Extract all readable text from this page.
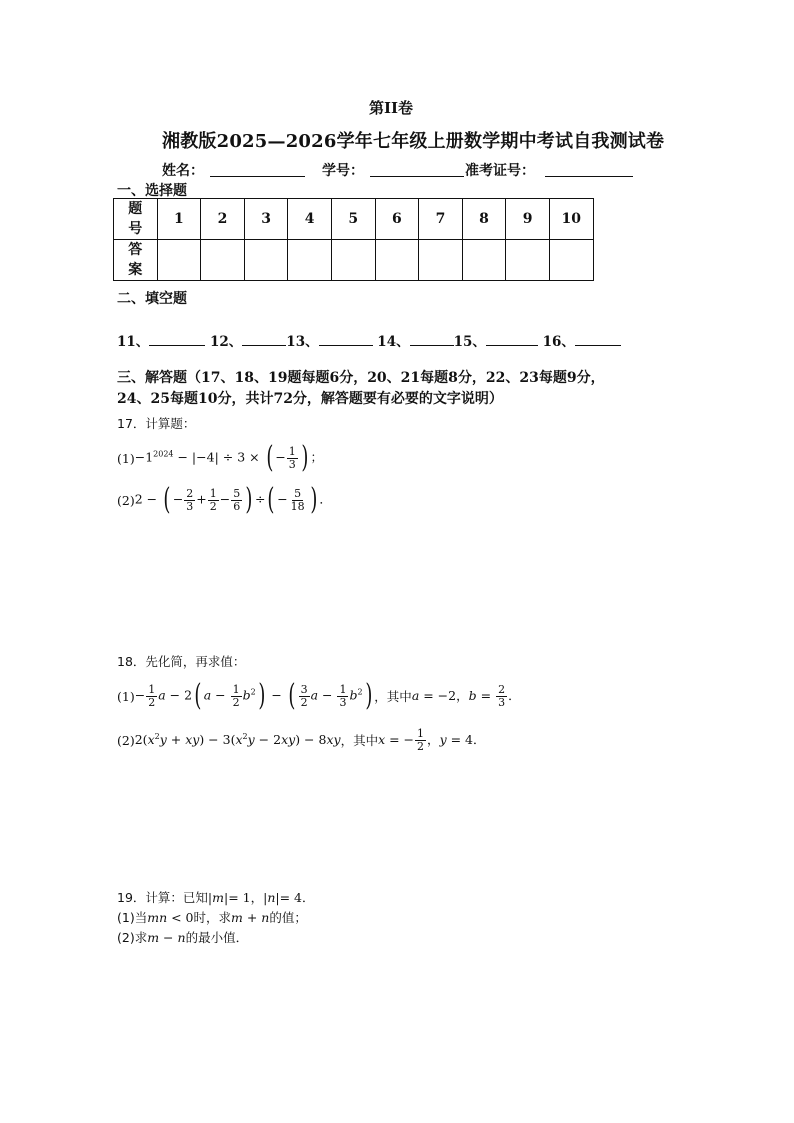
第II卷
湘教版2025—2026学年七年级上册数学期中考试自我测试卷
姓名：	学号：	准考证号：
一、选择题
题
号	1	2	3	4	5	6	7	8	9	10
答
案										
二、填空题
11、	12、	13、	14、	15、	16、
三、解答题（17、18、19题每题6分，20、21每题8分，22、23每题9分，
24、25每题10分，共计72分，解答题要有必要的文字说明）
17．计算题：
$(1) -1^{2024} - |-4| \div 3$ × ( − $\frac{1}{3}$ ) ；
(2) 2 − ( − $\frac{2}{3} + \frac{1}{2} - \frac{5}{6}$ ) ÷( − $\frac{5}{18}$ ) ．
18．先化简，再求值：
$(1) - \frac{1}{2}$ a − 2( $a - \frac{1}{2} b^2$) − ( $\frac{3}{2}$ $a - \frac{1}{3} b^2$) ，其中 a = −2，$b = \frac{2}{3}$ ．
(2) $2(x^2y + xy) - 3(x^2y - 2xy) - 8xy$ ，其中 x = − $\frac{1}{2}$ ，y = 4．
19．计算：已知|m|= 1，|n|= 4．
(1)当mn < 0时，求m + n的值；
(2)求m − n的最小值．
